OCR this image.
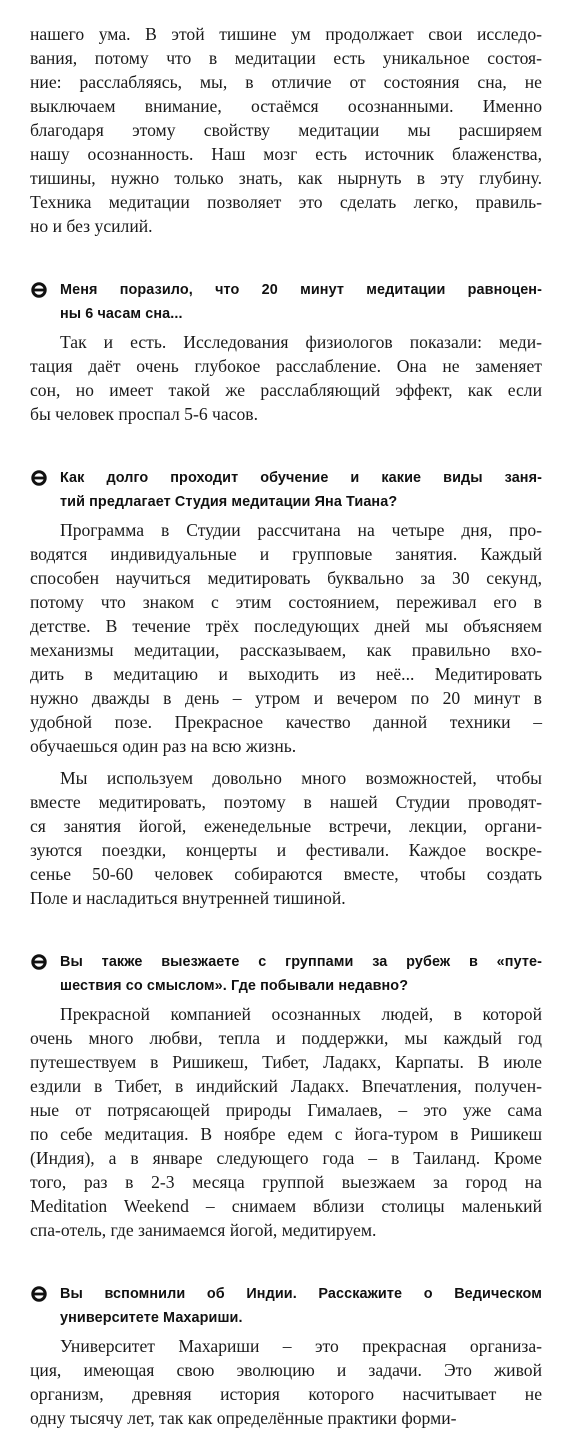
нашего ума. В этой тишине ум продолжает свои исследо-
вания, потому что в медитации есть уникальное состоя-
ние: расслабляясь, мы, в отличие от состояния сна, не
выключаем внимание, остаёмся осознанными. Именно
благодаря этому свойству медитации мы расширяем
нашу осознанность. Наш мозг есть источник блаженства,
тишины, нужно только знать, как нырнуть в эту глубину.
Техника медитации позволяет это сделать легко, правиль-
но и без усилий.
Меня поразило, что 20 минут медитации равноцен-
ны 6 часам сна...
Так и есть. Исследования физиологов показали: меди-
тация даёт очень глубокое расслабление. Она не заменяет
сон, но имеет такой же расслабляющий эффект, как если
бы человек проспал 5-6 часов.
Как долго проходит обучение и какие виды заня-
тий предлагает Студия медитации Яна Тиана?
Программа в Студии рассчитана на четыре дня, про-
водятся индивидуальные и групповые занятия. Каждый
способен научиться медитировать буквально за 30 секунд,
потому что знаком с этим состоянием, переживал его в
детстве. В течение трёх последующих дней мы объясняем
механизмы медитации, рассказываем, как правильно вхо-
дить в медитацию и выходить из неё... Медитировать
нужно дважды в день – утром и вечером по 20 минут в
удобной позе. Прекрасное качество данной техники –
обучаешься один раз на всю жизнь.
Мы используем довольно много возможностей, чтобы
вместе медитировать, поэтому в нашей Студии проводят-
ся занятия йогой, еженедельные встречи, лекции, органи-
зуются поездки, концерты и фестивали. Каждое воскре-
сенье 50-60 человек собираются вместе, чтобы создать
Поле и насладиться внутренней тишиной.
Вы также выезжаете с группами за рубеж в «путе-
шествия со смыслом». Где побывали недавно?
Прекрасной компанией осознанных людей, в которой
очень много любви, тепла и поддержки, мы каждый год
путешествуем в Ришикеш, Тибет, Ладакх, Карпаты. В июле
ездили в Тибет, в индийский Ладакх. Впечатления, получен-
ные от потрясающей природы Гималаев, – это уже сама
по себе медитация. В ноябре едем с йога-туром в Ришикеш
(Индия), а в январе следующего года – в Таиланд. Кроме
того, раз в 2-3 месяца группой выезжаем за город на
Meditation Weekend – снимаем вблизи столицы маленький
спа-отель, где занимаемся йогой, медитируем.
Вы вспомнили об Индии. Расскажите о Ведическом
университете Махариши.
Университет Махариши – это прекрасная организа-
ция, имеющая свою эволюцию и задачи. Это живой
организм, древняя история которого насчитывает не
одну тысячу лет, так как определённые практики форми-
